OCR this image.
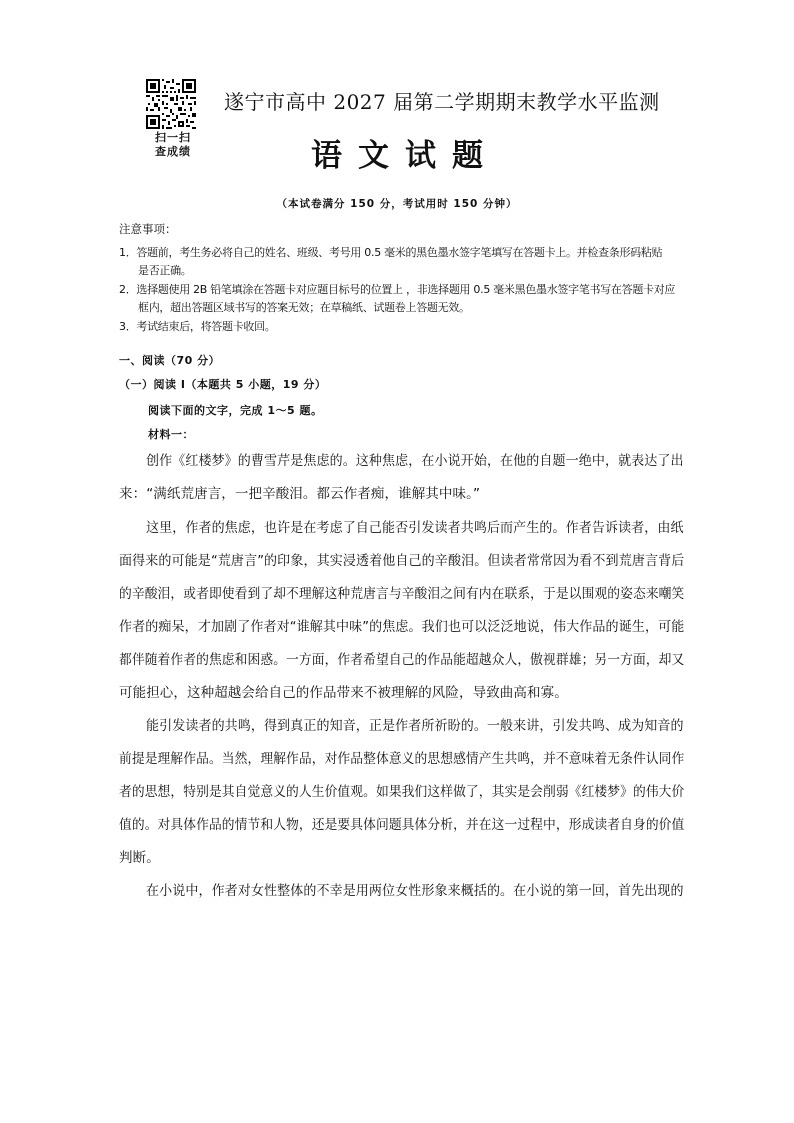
扫一扫
查成绩
遂宁市高中 2027 届第二学期期末教学水平监测
语文试题
（本试卷满分 150 分，考试用时 150 分钟）
注意事项：
1．答题前，考生务必将自己的姓名、班级、考号用 0.5 毫米的黑色墨水签字笔填写在答题卡上。并检查条形码粘贴
是否正确。
2．选择题使用 2B 铅笔填涂在答题卡对应题目标号的位置上 ，非选择题用 0.5 毫米黑色墨水签字笔书写在答题卡对应
框内，超出答题区域书写的答案无效；在草稿纸、试题卷上答题无效。
3．考试结束后，将答题卡收回。
一、阅读（70 分）
（一）阅读 I（本题共 5 小题，19 分）
阅读下面的文字，完成 1～5 题。
材料一：
创作《红楼梦》的曹雪芹是焦虑的。这种焦虑，在小说开始，在他的自题一绝中，就表达了出
来：“满纸荒唐言，一把辛酸泪。都云作者痴，谁解其中味。”
这里，作者的焦虑，也许是在考虑了自己能否引发读者共鸣后而产生的。作者告诉读者，由纸
面得来的可能是“荒唐言”的印象，其实浸透着他自己的辛酸泪。但读者常常因为看不到荒唐言背后
的辛酸泪，或者即使看到了却不理解这种荒唐言与辛酸泪之间有内在联系，于是以围观的姿态来嘲笑
作者的痴呆，才加剧了作者对“谁解其中味”的焦虑。我们也可以泛泛地说，伟大作品的诞生，可能
都伴随着作者的焦虑和困惑。一方面，作者希望自己的作品能超越众人，傲视群雄；另一方面，却又
可能担心，这种超越会给自己的作品带来不被理解的风险，导致曲高和寡。
能引发读者的共鸣，得到真正的知音，正是作者所祈盼的。一般来讲，引发共鸣、成为知音的
前提是理解作品。当然，理解作品，对作品整体意义的思想感情产生共鸣，并不意味着无条件认同作
者的思想，特别是其自觉意义的人生价值观。如果我们这样做了，其实是会削弱《红楼梦》的伟大价
值的。对具体作品的情节和人物，还是要具体问题具体分析，并在这一过程中，形成读者自身的价值
判断。
在小说中，作者对女性整体的不幸是用两位女性形象来概括的。在小说的第一回，首先出现的
